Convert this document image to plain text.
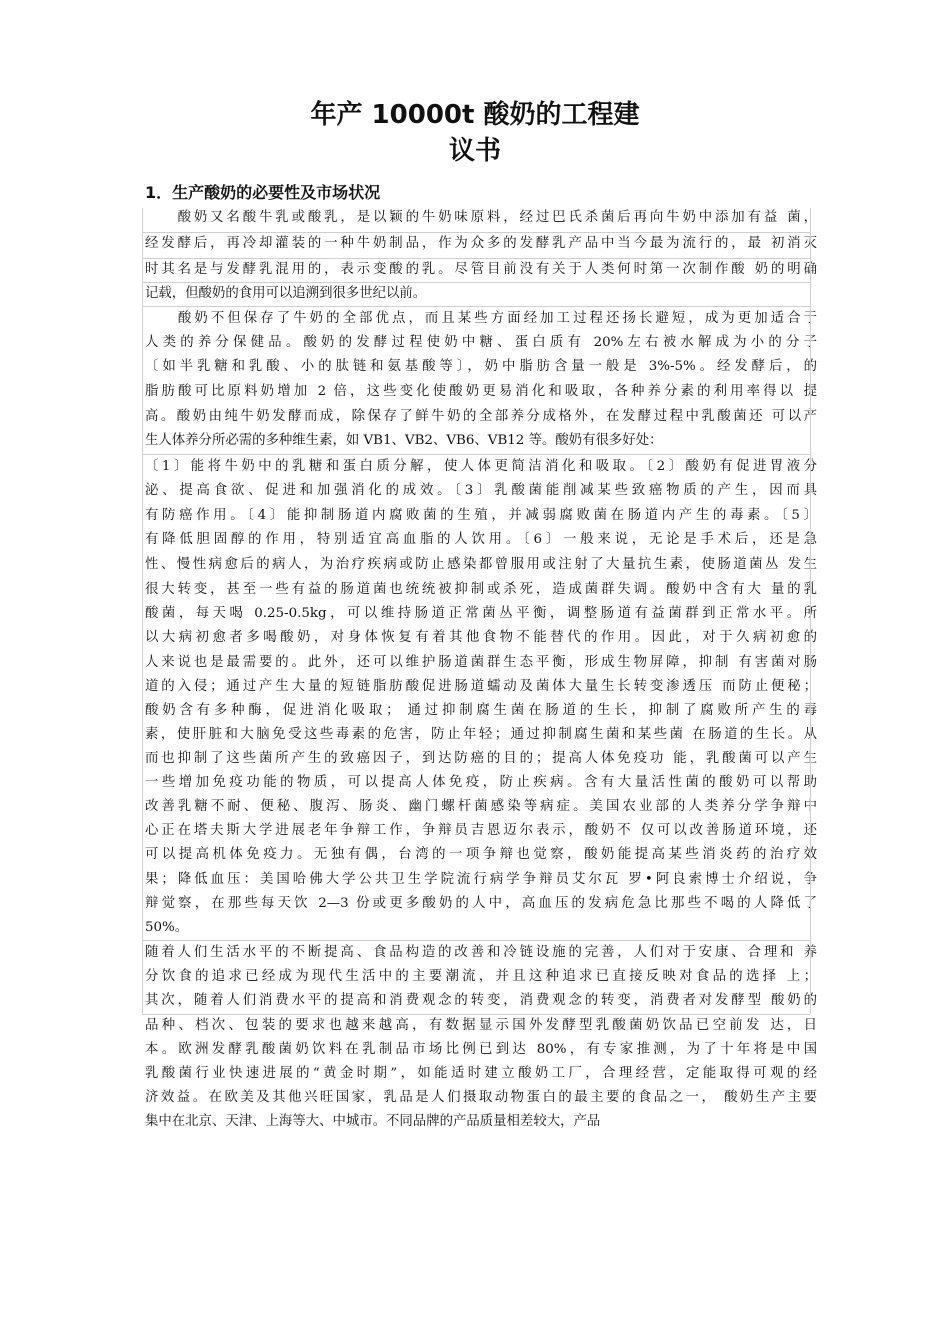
年产 10000t 酸奶的工程建
议书
1．生产酸奶的必要性及市场状况
　　酸奶又名酸牛乳或酸乳，是以颖的牛奶味原料，经过巴氏杀菌后再向牛奶中添加有益 菌，
经发酵后，再冷却灌装的一种牛奶制品，作为众多的发酵乳产品中当今最为流行的，最 初消灭
时其名是与发酵乳混用的，表示变酸的乳。尽管目前没有关于人类何时第一次制作酸 奶的明确
记载，但酸奶的食用可以追溯到很多世纪以前。
　　酸奶不但保存了牛奶的全部优点，而且某些方面经加工过程还扬长避短，成为更加适合于
人类的养分保健品。酸奶的发酵过程使奶中糖、蛋白质有 20%左右被水解成为小的分子
〔如半乳糖和乳酸、小的肽链和氨基酸等〕，奶中脂肪含量一般是 3%-5%。经发酵后，的
脂肪酸可比原料奶增加 2 倍，这些变化使酸奶更易消化和吸取，各种养分素的利用率得以 提
高。酸奶由纯牛奶发酵而成，除保存了鲜牛奶的全部养分成格外，在发酵过程中乳酸菌还 可以产
生人体养分所必需的多种维生素，如 VB1、VB2、VB6、VB12 等。酸奶有很多好处：
〔1〕能将牛奶中的乳糖和蛋白质分解，使人体更简洁消化和吸取。〔2〕酸奶有促进胃液分
泌、提高食欲、促进和加强消化的成效。〔3〕乳酸菌能削减某些致癌物质的产生，因而具
有防癌作用。〔4〕能抑制肠道内腐败菌的生殖，并减弱腐败菌在肠道内产生的毒素。〔5〕
有降低胆固醇的作用，特别适宜高血脂的人饮用。〔6〕一般来说，无论是手术后，还是急
性、慢性病愈后的病人，为治疗疾病或防止感染都曾服用或注射了大量抗生素，使肠道菌丛 发生
很大转变，甚至一些有益的肠道菌也统统被抑制或杀死，造成菌群失调。酸奶中含有大 量的乳
酸菌，每天喝 0.25-0.5kg，可以维持肠道正常菌丛平衡，调整肠道有益菌群到正常水平。所
以大病初愈者多喝酸奶，对身体恢复有着其他食物不能替代的作用。因此，对于久病初愈的
人来说也是最需要的。此外，还可以维护肠道菌群生态平衡，形成生物屏障，抑制 有害菌对肠
道的入侵；通过产生大量的短链脂肪酸促进肠道蠕动及菌体大量生长转变渗透压 而防止便秘；
酸奶含有多种酶，促进消化吸取； 通过抑制腐生菌在肠道的生长，抑制了腐败所产生的毒
素，使肝脏和大脑免受这些毒素的危害，防止年轻；通过抑制腐生菌和某些菌 在肠道的生长。从
而也抑制了这些菌所产生的致癌因子，到达防癌的目的；提高人体免疫功 能，乳酸菌可以产生
一些增加免疫功能的物质，可以提高人体免疫，防止疾病。含有大量活性菌的酸奶可以帮助
改善乳糖不耐、便秘、腹泻、肠炎、幽门螺杆菌感染等病症。美国农业部的人类养分学争辩中
心正在塔夫斯大学进展老年争辩工作，争辩员吉恩迈尔表示，酸奶不 仅可以改善肠道环境，还
可以提高机体免疫力。无独有偶，台湾的一项争辩也觉察，酸奶能提高某些消炎药的治疗效
果；降低血压：美国哈佛大学公共卫生学院流行病学争辩员艾尔瓦 罗•阿良索博士介绍说，争
辩觉察，在那些每天饮 2—3 份或更多酸奶的人中，高血压的发病危急比那些不喝的人降低了
50%。
随着人们生活水平的不断提高、食品构造的改善和冷链设施的完善，人们对于安康、合理和 养
分饮食的追求已经成为现代生活中的主要潮流，并且这种追求已直接反映对食品的选择 上；
其次，随着人们消费水平的提高和消费观念的转变，消费观念的转变，消费者对发酵型 酸奶的
品种、档次、包装的要求也越来越高，有数据显示国外发酵型乳酸菌奶饮品已空前发 达，日
本。欧洲发酵乳酸菌奶饮料在乳制品市场比例已到达 80%，有专家推测，为了十年将是中国
乳酸菌行业快速进展的“黄金时期”，如能适时建立酸奶工厂，合理经营，定能取得可观的经
济效益。在欧美及其他兴旺国家，乳品是人们摄取动物蛋白的最主要的食品之一， 酸奶生产主要
集中在北京、天津、上海等大、中城市。不同品牌的产品质量相差较大，产品
